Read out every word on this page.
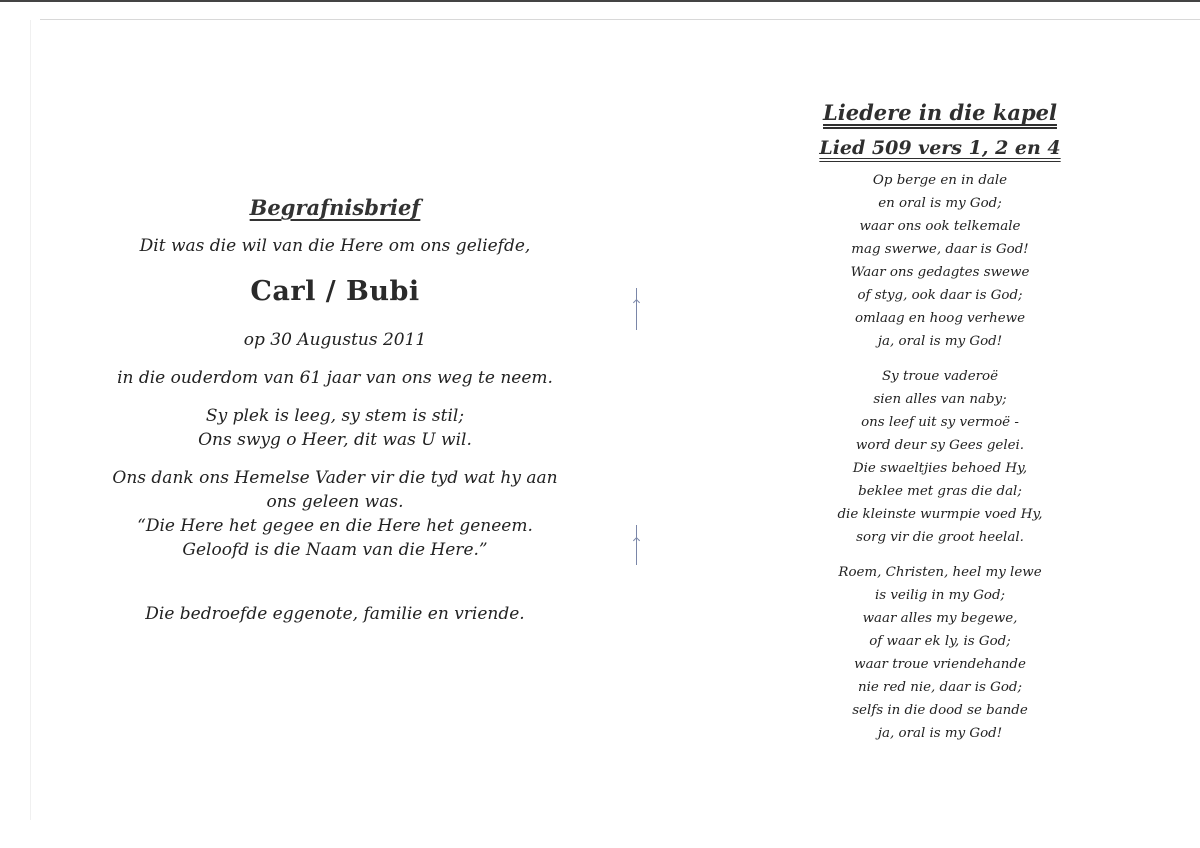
Begrafnisbrief
Dit was die wil van die Here om ons geliefde,
Carl / Bubi
op 30 Augustus 2011
in die ouderdom van 61 jaar van ons weg te neem.
Sy plek is leeg, sy stem is stil;
Ons swyg o Heer, dit was U wil.
Ons dank ons Hemelse Vader vir die tyd wat hy aan
ons geleen was.
“Die Here het gegee en die Here het geneem.
Geloofd is die Naam van die Here.”
Die bedroefde eggenote, familie en vriende.
Liedere in die kapel
Lied 509 vers 1, 2 en 4
Op berge en in dale
en oral is my God;
waar ons ook telkemale
mag swerwe, daar is God!
Waar ons gedagtes swewe
of styg, ook daar is God;
omlaag en hoog verhewe
ja, oral is my God!
Sy troue vaderoë
sien alles van naby;
ons leef uit sy vermoë -
word deur sy Gees gelei.
Die swaeltjies behoed Hy,
beklee met gras die dal;
die kleinste wurmpie voed Hy,
sorg vir die groot heelal.
Roem, Christen, heel my lewe
is veilig in my God;
waar alles my begewe,
of waar ek ly, is God;
waar troue vriendehande
nie red nie, daar is God;
selfs in die dood se bande
ja, oral is my God!
